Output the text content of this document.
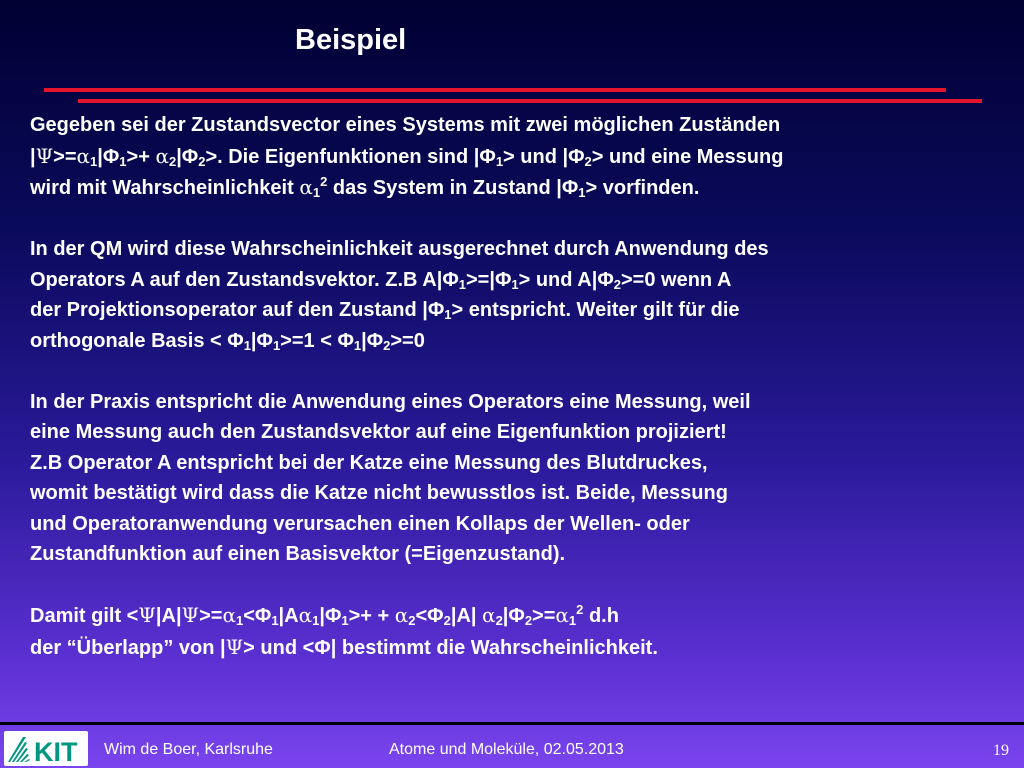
Beispiel
Gegeben sei der Zustandsvector eines Systems mit zwei möglichen Zuständen
$|\Psi>=\alpha_1|\Phi_1>+ \alpha_2|\Phi_2>$. Die Eigenfunktionen sind $|\Phi_1>$ und $|\Phi_2>$ und eine Messung
wird mit Wahrscheinlichkeit $\alpha_1^2$ das System in Zustand $|\Phi_1>$ vorfinden.
In der QM wird diese Wahrscheinlichkeit ausgerechnet durch Anwendung des
Operators A auf den Zustandsvektor. Z.B $A|\Phi_1>=|\Phi_1>$ und $A|\Phi_2>=0$ wenn A
der Projektionsoperator auf den Zustand $|\Phi_1>$ entspricht. Weiter gilt für die
orthogonale Basis < $\Phi_1|\Phi_1>=1 < \Phi_1|\Phi_2>=0$
In der Praxis entspricht die Anwendung eines Operators eine Messung, weil
eine Messung auch den Zustandsvektor auf eine Eigenfunktion projiziert!
Z.B Operator A entspricht bei der Katze eine Messung des Blutdruckes,
womit bestätigt wird dass die Katze nicht bewusstlos ist. Beide, Messung
und Operatoranwendung verursachen einen Kollaps der Wellen- oder
Zustandfunktion auf einen Basisvektor (=Eigenzustand).
Damit gilt $<\Psi|A|\Psi>=\alpha_1<\Phi_1|A\alpha_1|\Phi_1>+ + \alpha_2<\Phi_2|A|$ $\alpha_2|\Phi_2>=\alpha_1^2$ d.h
der “Überlapp” von |Ψ> und <Φ| bestimmt die Wahrscheinlichkeit.
KIT Wim de Boer, Karlsruhe	Atome und Moleküle, 02.05.2013	19
